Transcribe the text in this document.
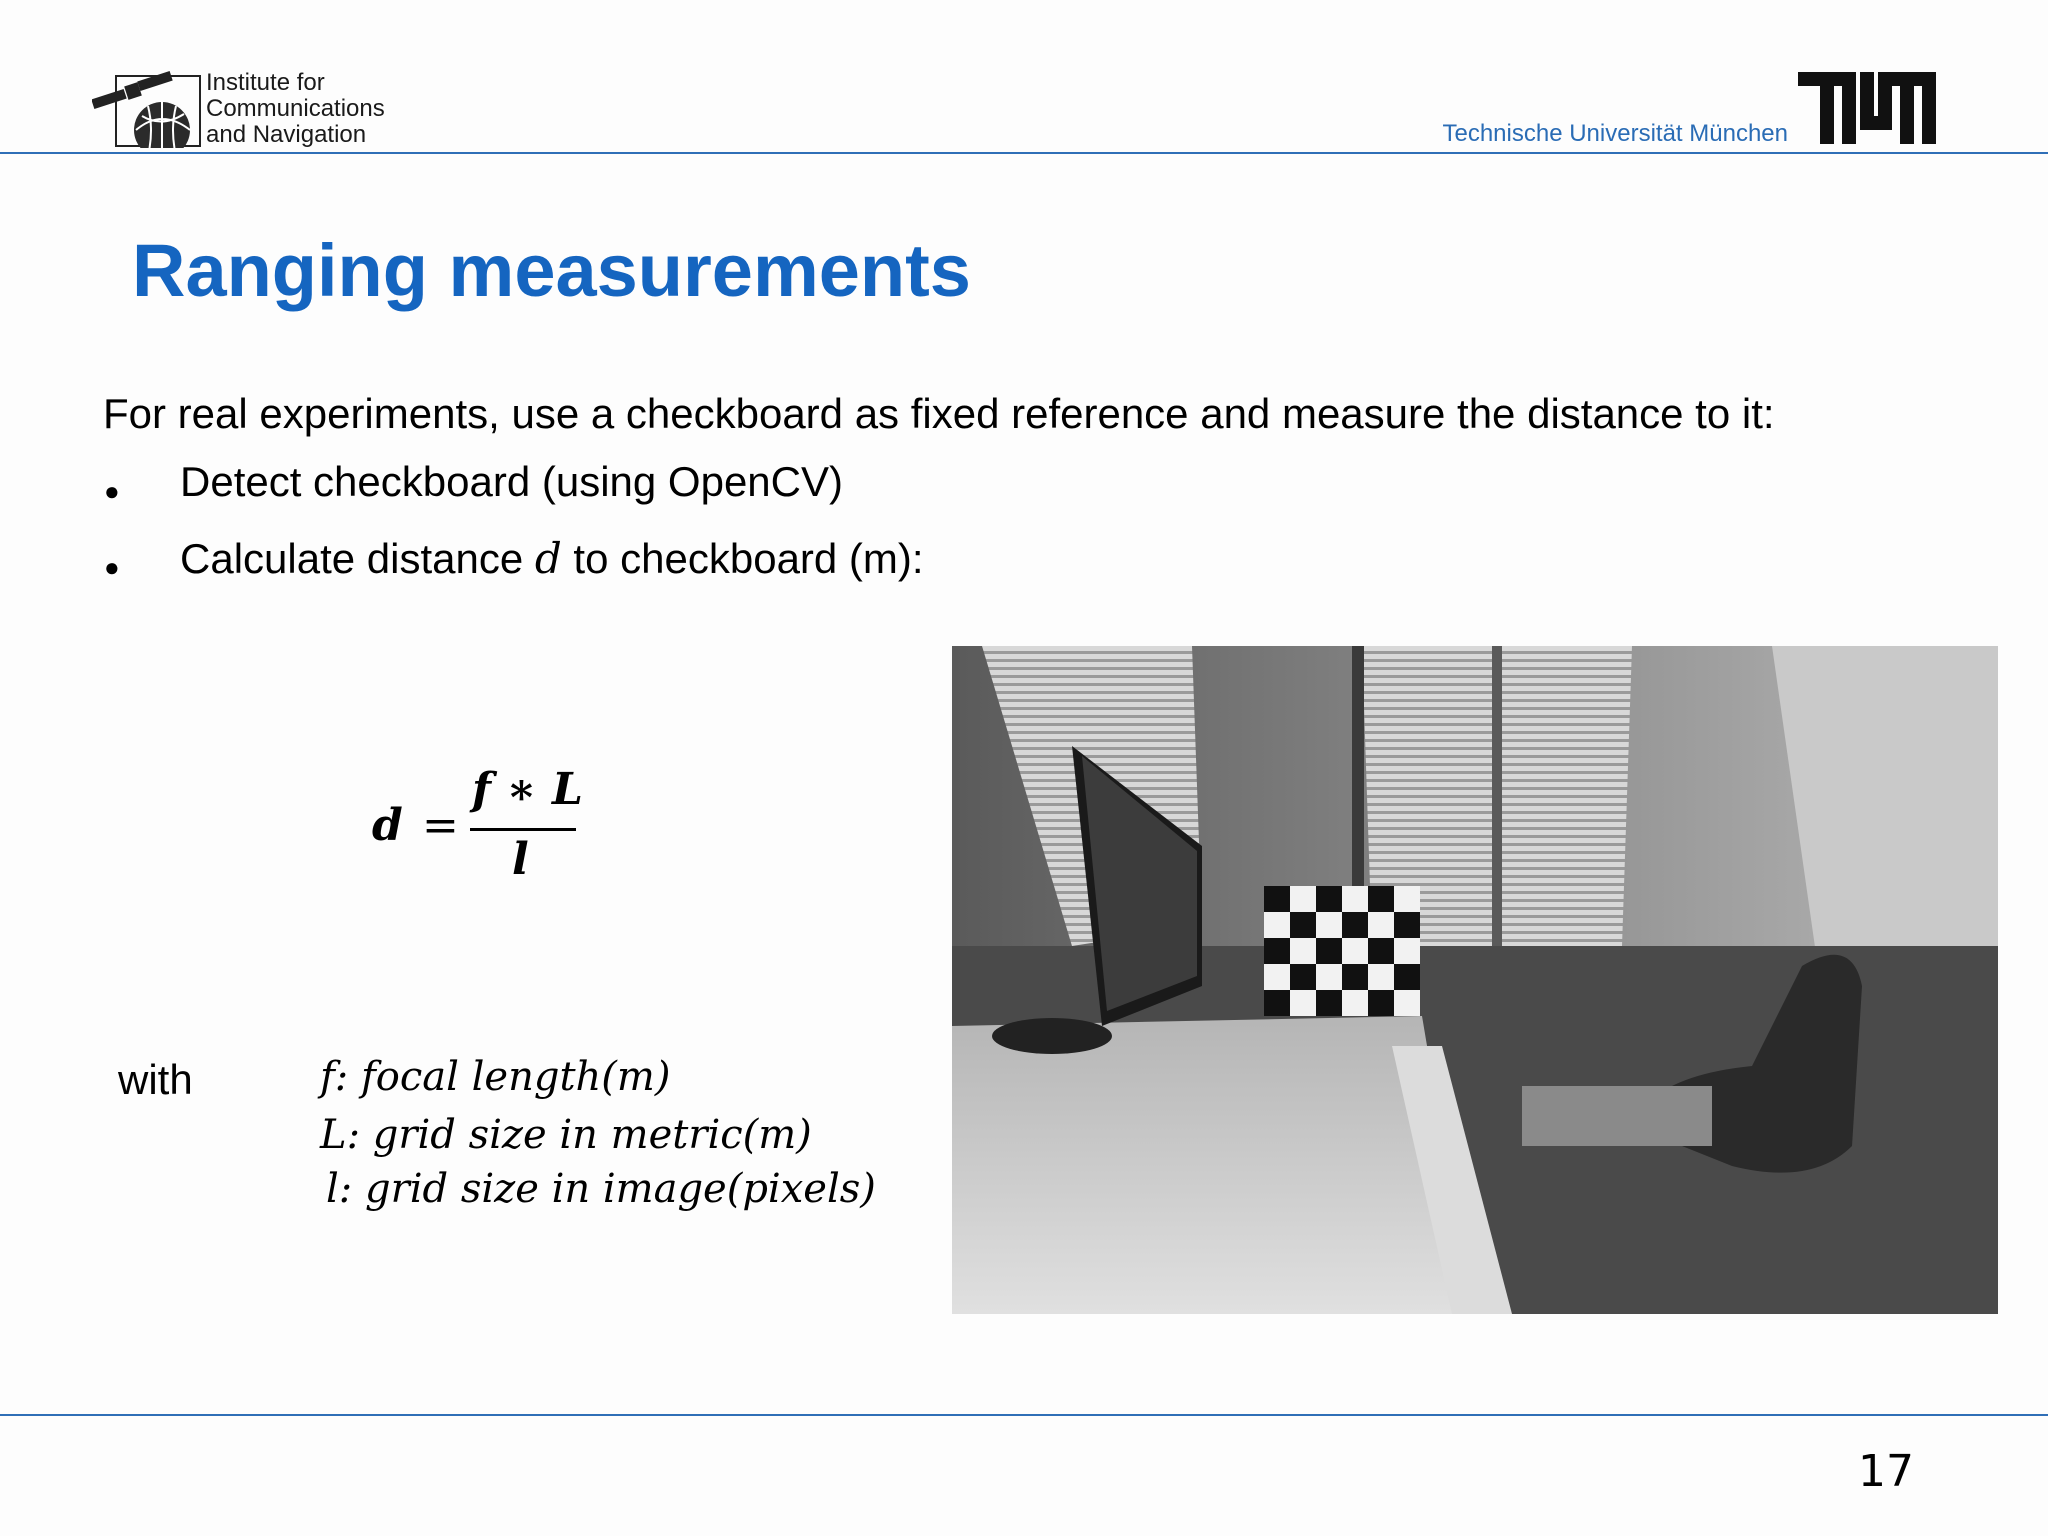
Institute for
Communications
and Navigation	Technische Universität München
Ranging measurements
For real experiments, use a checkboard as fixed reference and measure the distance to it:
● Detect checkboard (using OpenCV)
● Calculate distance d to checkboard (m):
d =
f ∗ L
l
with	f: focal length(m)
L: grid size in metric(m)
l: grid size in image(pixels)
17
